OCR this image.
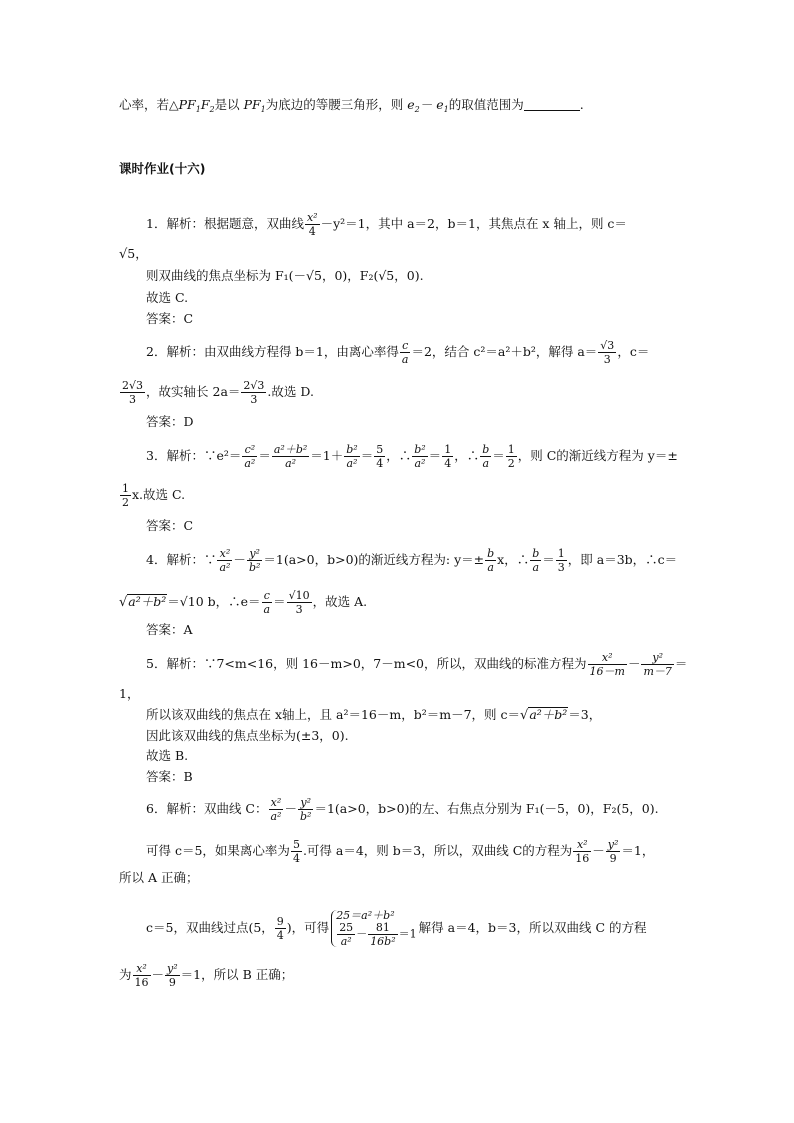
心率，若$\triangle PF_1F_2$是以 $PF_1$为底边的等腰三角形，则 $e_2- e_1$的取值范围为	.
课时作业(十六)
1．解析：根据题意，双曲线 $\frac{\text{x²}}{4} -y^2=1$，其中 a＝2，b＝1，其焦点在 x 轴上，则 c＝
√5，
则双曲线的焦点坐标为 F₁(－√5，0)，F₂(√5，0).
故选 C.
答案：C
2．解析：由双曲线方程得 b＝1，由离心率得 $\frac{c}{a} =2$，结合 c²＝a²＋b²，解得 $a= \frac{√3}{3}$ ，c＝
$\frac{2√3}{3}$ ，故实轴长 $2a= \frac{2√3}{3}$ .故选 D.
答案：D
3．解析：∵e²＝ $\frac{\text{c²}}{\text{a²}} = \frac{\text{a²＋b²}}{\text{a²}} =1+ \frac{\text{b²}}{\text{a²}} = \frac{5}{4}$ ，∴ $\frac{\text{b²}}{\text{a²}} = \frac{1}{4}$ ，∴ $\frac{b}{a} = \frac{1}{2}$ ，则 C的渐近线方程为 y＝±
$\frac{1}{2} x$.故选 C.
答案：C
4．解析：∵ $\frac{\text{x²}}{\text{a²}} - \frac{\text{y²}}{\text{b²}} =1(a>0$，b>0)的渐近线方程为: $y=\pm \frac{b}{a}$ x，∴ $\frac{b}{a} = \frac{1}{3}$ ，即 a＝3b，∴c＝
√a²＋b²＝√10 b，∴e＝ $\frac{c}{a} = \frac{√10}{3}$ ，故选 A.
答案：A
5．解析：∵7<m<16，则 16－m>0，7－m<0，所以，双曲线的标准方程为 $\frac{\text{x²}}{16-m} - \frac{\text{y²}}{m-7}$ ＝
1，
所以该双曲线的焦点在 x轴上，且 a²＝16－m，b²＝m－7，则 c＝√a²＋b²＝3，
因此该双曲线的焦点坐标为(±3，0).
故选 B.
答案：B
6．解析：双曲线 C： $\frac{\text{x²}}{\text{a²}} - \frac{\text{y²}}{\text{b²}} =1(a>0$，b>0)的左、右焦点分别为 F₁(－5，0)，F₂(5，0).
可得 c＝5，如果离心率为 $\frac{5}{4}$ .可得 a＝4，则 b＝3，所以，双曲线 C的方程为 $\frac{\text{x²}}{16} - \frac{\text{y²}}{9} =1$，
所以 A 正确；
c＝5，双曲线过点(5， $\frac{9}{4}$ )，可得
25＝a²＋b²
$\frac{25}{\text{a²}} - \frac{81}{\text{16b²}} =1$ 解得 a＝4，b＝3，所以双曲线 C 的方程
为 $\frac{\text{x²}}{16} - \frac{\text{y²}}{9} =1$，所以 B 正确；
